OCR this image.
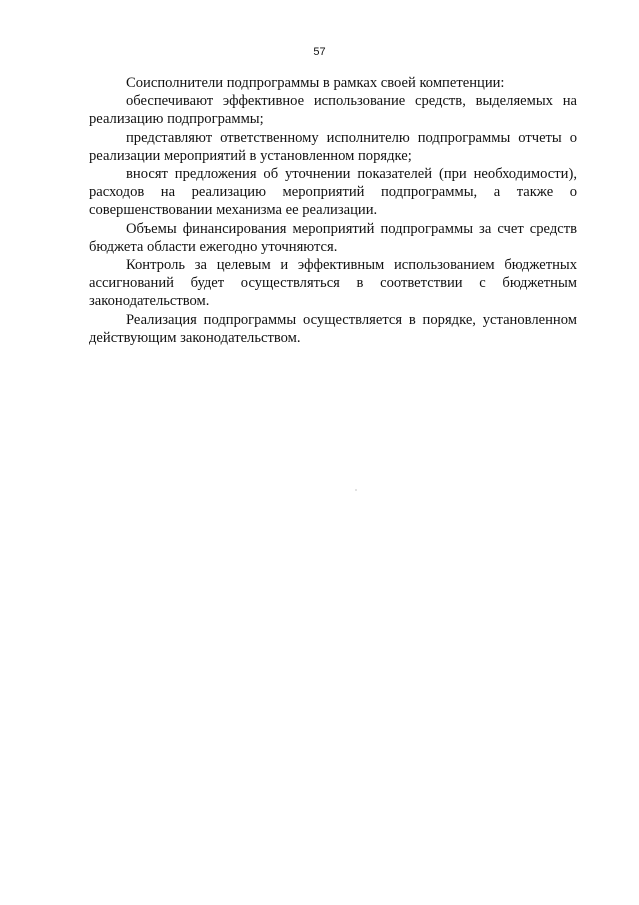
57

Соисполнители подпрограммы в рамках своей компетенции:

обеспечивают эффективное использование средств, выделяемых на реализацию подпрограммы;

представляют ответственному исполнителю подпрограммы отчеты о реализации мероприятий в установленном порядке;

вносят предложения об уточнении показателей (при необходимости), расходов на реализацию мероприятий подпрограммы, а также о совершенствовании механизма ее реализации.

Объемы финансирования мероприятий подпрограммы за счет средств бюджета области ежегодно уточняются.

Контроль за целевым и эффективным использованием бюджетных ассигнований будет осуществляться в соответствии с бюджетным законодательством.

Реализация подпрограммы осуществляется в порядке, установленном действующим законодательством.
